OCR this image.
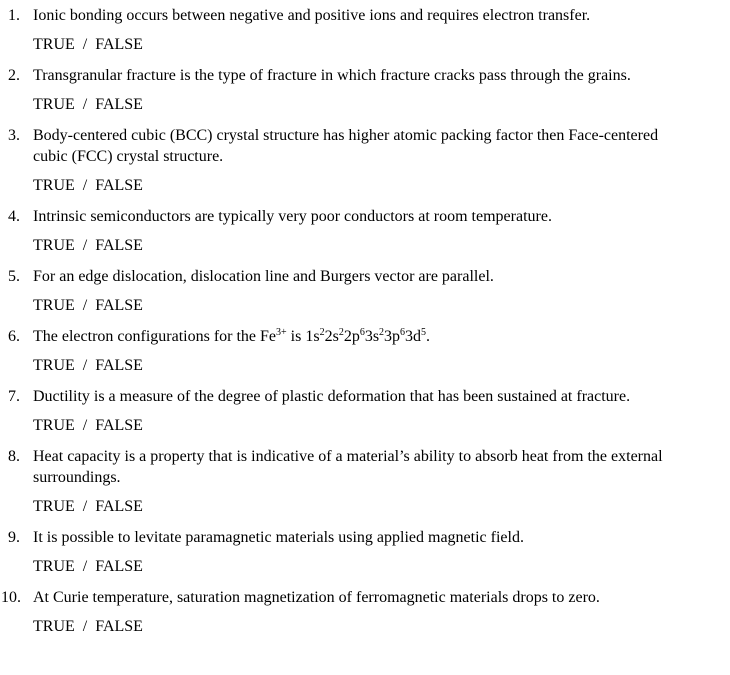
1. Ionic bonding occurs between negative and positive ions and requires electron transfer.
TRUE / FALSE
2. Transgranular fracture is the type of fracture in which fracture cracks pass through the grains.
TRUE / FALSE
3. Body-centered cubic (BCC) crystal structure has higher atomic packing factor then Face-centered cubic (FCC) crystal structure.
TRUE / FALSE
4. Intrinsic semiconductors are typically very poor conductors at room temperature.
TRUE / FALSE
5. For an edge dislocation, dislocation line and Burgers vector are parallel.
TRUE / FALSE
6. The electron configurations for the $Fe^{3+}$ is $1s^22s^22p^63s^23p^63d^5$.
TRUE / FALSE
7. Ductility is a measure of the degree of plastic deformation that has been sustained at fracture.
TRUE / FALSE
8. Heat capacity is a property that is indicative of a material’s ability to absorb heat from the external surroundings.
TRUE / FALSE
9. It is possible to levitate paramagnetic materials using applied magnetic field.
TRUE / FALSE
10. At Curie temperature, saturation magnetization of ferromagnetic materials drops to zero.
TRUE / FALSE
